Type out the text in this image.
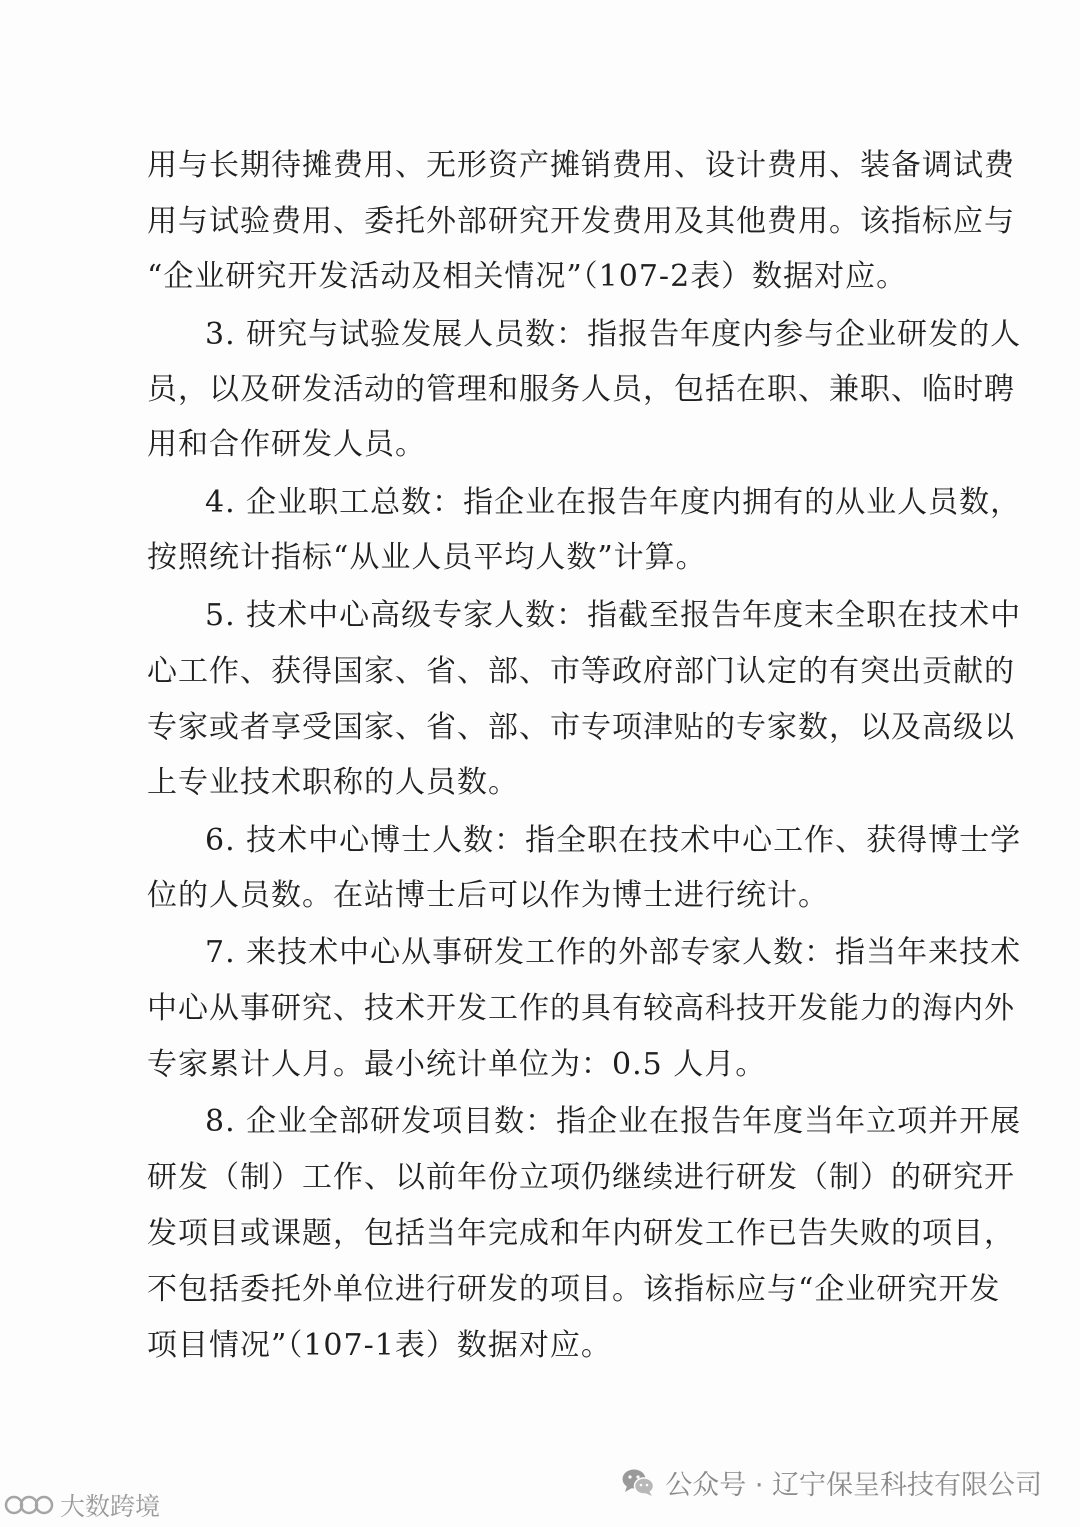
用与长期待摊费用、无形资产摊销费用、设计费用、装备调试费
用与试验费用、委托外部研究开发费用及其他费用。该指标应与
“企业研究开发活动及相关情况”（107-2表）数据对应。
3. 研究与试验发展人员数：指报告年度内参与企业研发的人
员，以及研发活动的管理和服务人员，包括在职、兼职、临时聘
用和合作研发人员。
4. 企业职工总数：指企业在报告年度内拥有的从业人员数，
按照统计指标“从业人员平均人数”计算。
5. 技术中心高级专家人数：指截至报告年度末全职在技术中
心工作、获得国家、省、部、市等政府部门认定的有突出贡献的
专家或者享受国家、省、部、市专项津贴的专家数，以及高级以
上专业技术职称的人员数。
6. 技术中心博士人数：指全职在技术中心工作、获得博士学
位的人员数。在站博士后可以作为博士进行统计。
7. 来技术中心从事研发工作的外部专家人数：指当年来技术
中心从事研究、技术开发工作的具有较高科技开发能力的海内外
专家累计人月。最小统计单位为：0.5 人月。
8. 企业全部研发项目数：指企业在报告年度当年立项并开展
研发（制）工作、以前年份立项仍继续进行研发（制）的研究开
发项目或课题，包括当年完成和年内研发工作已告失败的项目，
不包括委托外单位进行研发的项目。该指标应与“企业研究开发
项目情况”（107-1表）数据对应。
公众号 · 辽宁保呈科技有限公司
大数跨境
